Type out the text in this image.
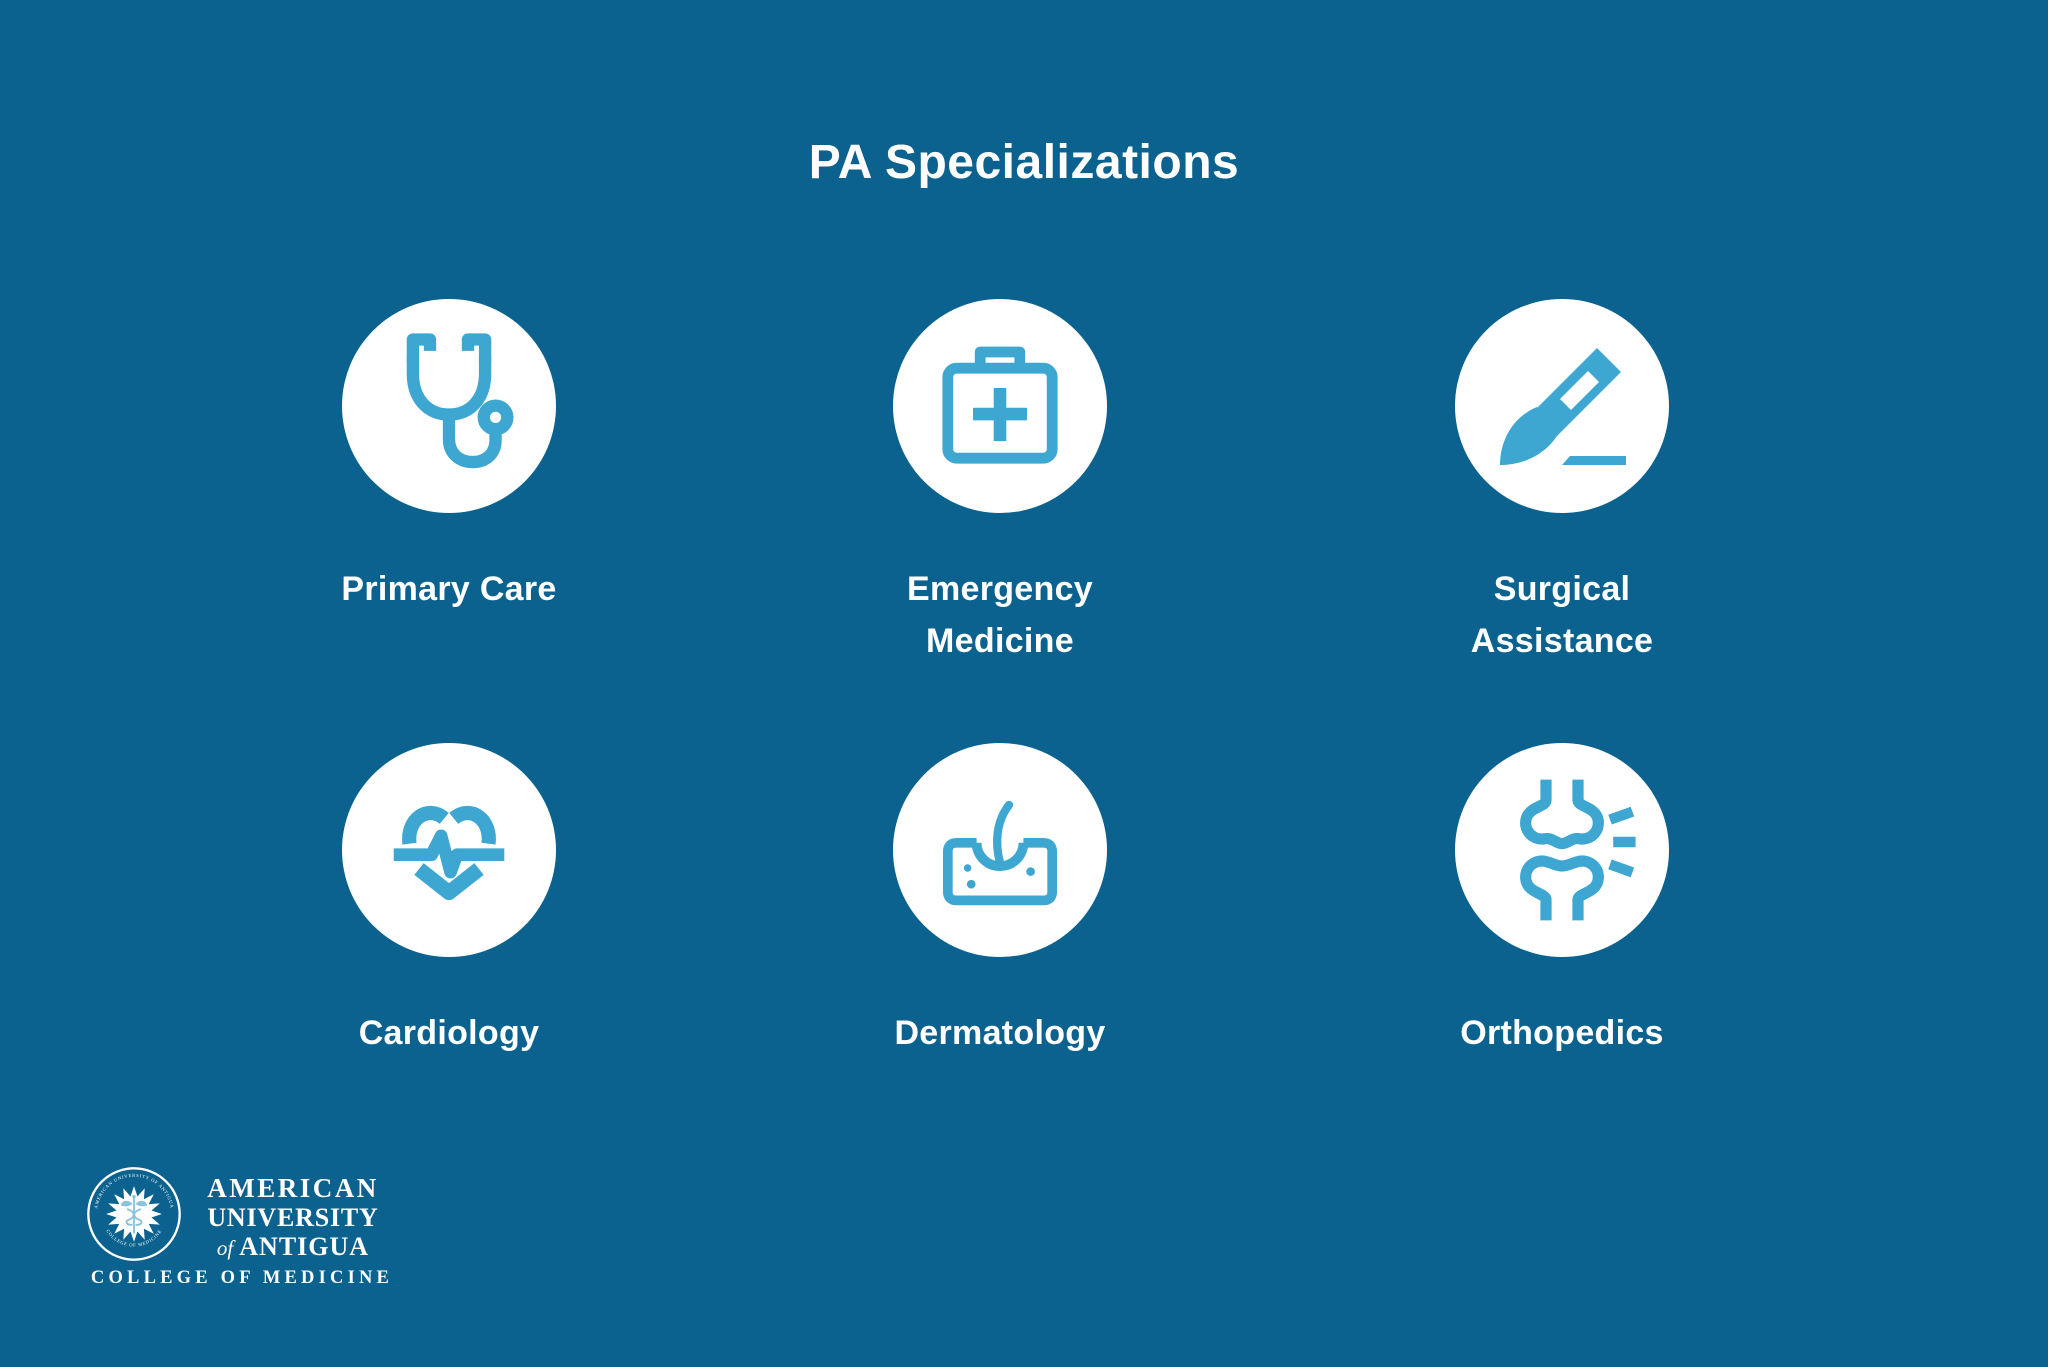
PA Specializations
Primary Care	Emergency Medicine
Surgical Assistance
Cardiology	Dermatology	Orthopedics
AMERICAN UNIVERSITY OF ANTIGUA
COLLEGE OF MEDICINE
AMERICAN
UNIVERSITY
of ANTIGUA
COLLEGE OF MEDICINE
